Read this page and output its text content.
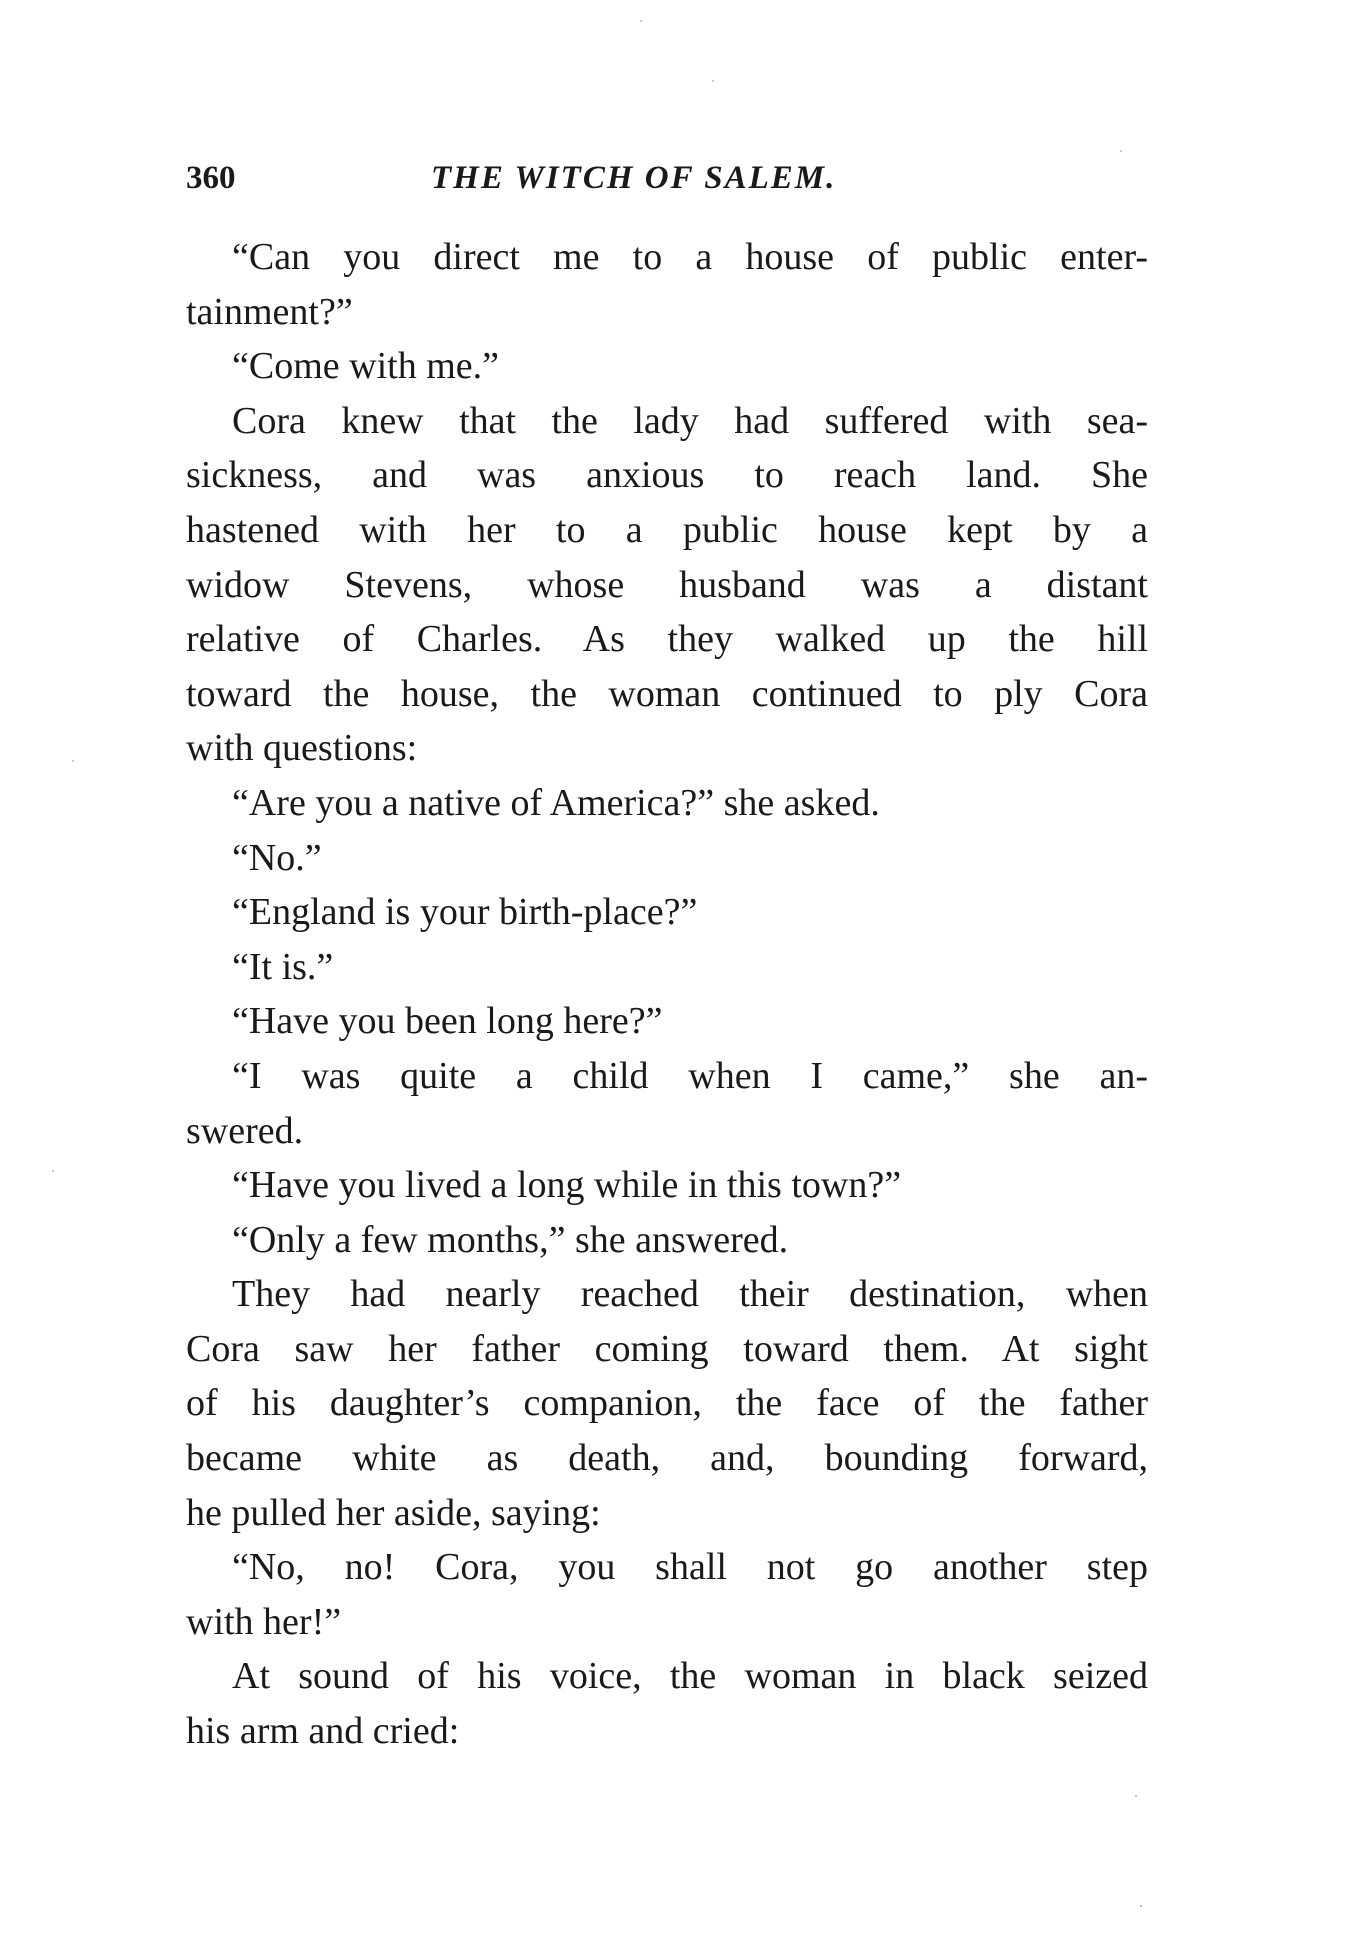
360	THE WITCH OF SALEM.
“Can you direct me to a house of public enter-
tainment?”
“Come with me.”
Cora knew that the lady had suffered with sea-
sickness, and was anxious to reach land. She
hastened with her to a public house kept by a
widow Stevens, whose husband was a distant
relative of Charles. As they walked up the hill
toward the house, the woman continued to ply Cora
with questions:
“Are you a native of America?” she asked.
“No.”
“England is your birth-place?”
“It is.”
“Have you been long here?”
“I was quite a child when I came,” she an-
swered.
“Have you lived a long while in this town?”
“Only a few months,” she answered.
They had nearly reached their destination, when
Cora saw her father coming toward them. At sight
of his daughter’s companion, the face of the father
became white as death, and, bounding forward,
he pulled her aside, saying:
“No, no! Cora, you shall not go another step
with her!”
At sound of his voice, the woman in black seized
his arm and cried:
